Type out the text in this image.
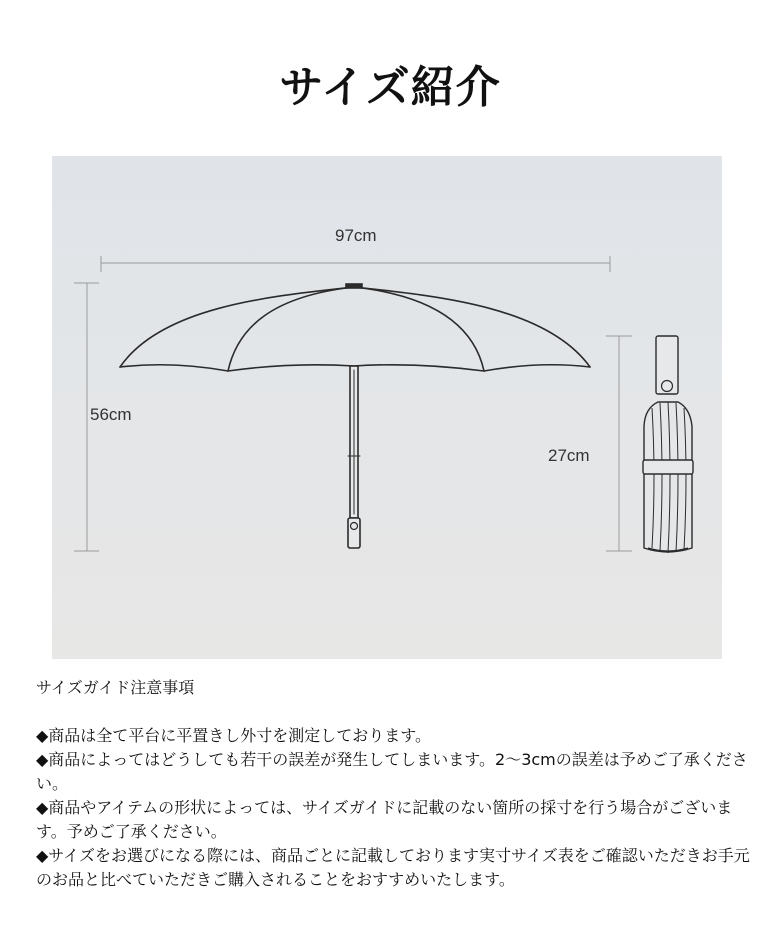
サイズ紹介
97cm
56cm
27cm

サイズガイド注意事項

◆商品は全て平台に平置きし外寸を測定しております。

◆商品によってはどうしても若干の誤差が発生してしまいます。2～3cmの誤差は予めご了承ください。

◆商品やアイテムの形状によっては、サイズガイドに記載のない箇所の採寸を行う場合がございます。予めご了承ください。

◆サイズをお選びになる際には、商品ごとに記載しております実寸サイズ表をご確認いただきお手元のお品と比べていただきご購入されることをおすすめいたします。
